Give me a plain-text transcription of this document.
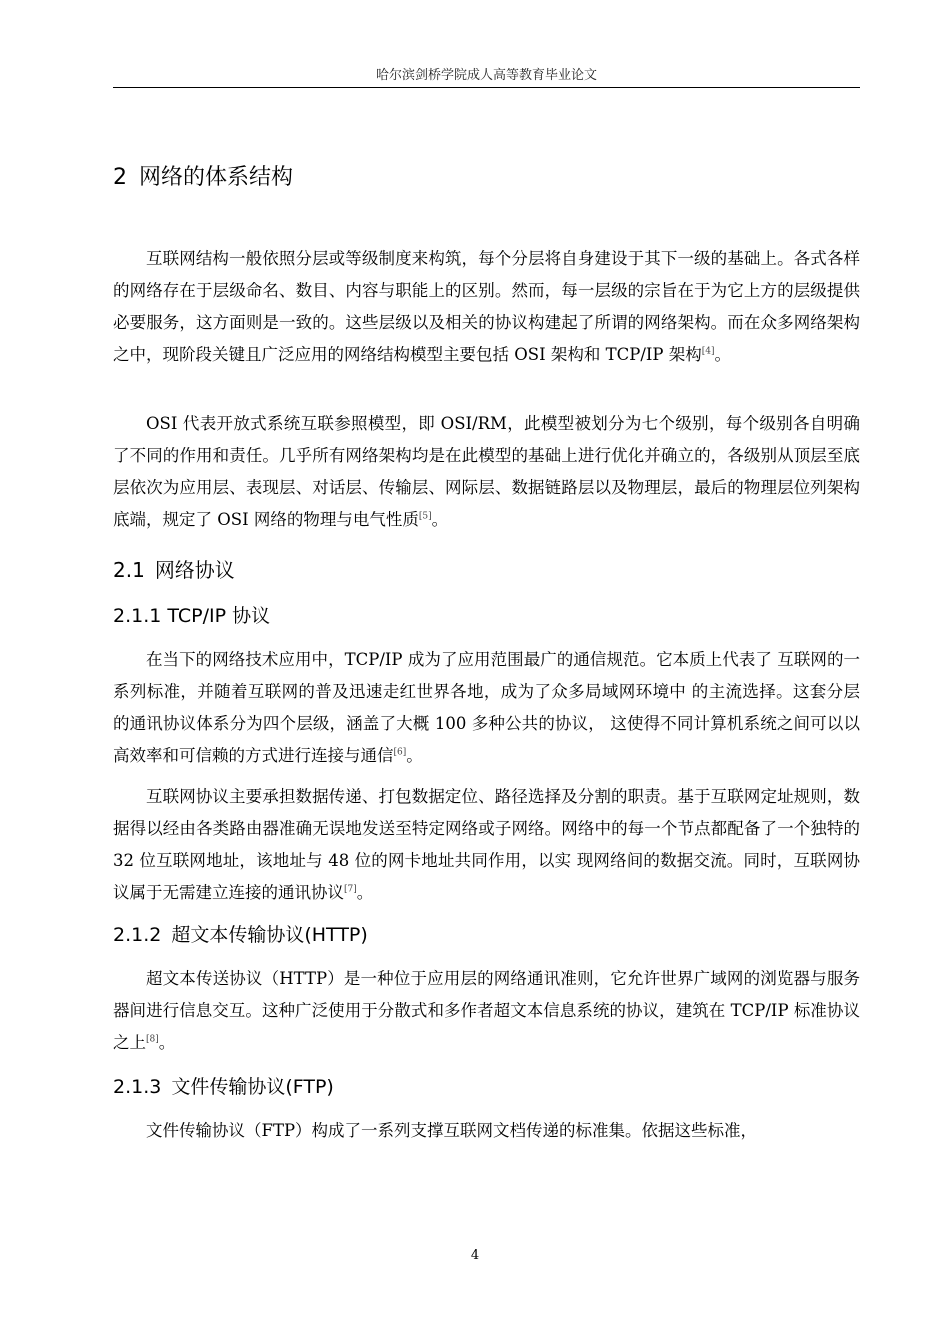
哈尔滨剑桥学院成人高等教育毕业论文
2 网络的体系结构

互联网结构一般依照分层或等级制度来构筑，每个分层将自身建设于其下一级的基础上。各式各样的网络存在于层级命名、数目、内容与职能上的区别。然而，每一层级的宗旨在于为它上方的层级提供必要服务，这方面则是一致的。这些层级以及相关的协议构建起了所谓的网络架构。而在众多网络架构之中，现阶段关键且广泛应用的网络结构模型主要包括 OSI 架构和 TCP/IP 架构[4]。

OSI 代表开放式系统互联参照模型，即 OSI/RM，此模型被划分为七个级别，每个级别各自明确了不同的作用和责任。几乎所有网络架构均是在此模型的基础上进行优化并确立的，各级别从顶层至底层依次为应用层、表现层、对话层、传输层、网际层、数据链路层以及物理层，最后的物理层位列架构底端，规定了 OSI 网络的物理与电气性质[5]。

2.1 网络协议
2.1.1 TCP/IP 协议

在当下的网络技术应用中，TCP/IP 成为了应用范围最广的通信规范。它本质上代表了 互联网的一系列标准，并随着互联网的普及迅速走红世界各地，成为了众多局域网环境中 的主流选择。这套分层的通讯协议体系分为四个层级，涵盖了大概 100 多种公共的协议， 这使得不同计算机系统之间可以以高效率和可信赖的方式进行连接与通信[6]。

互联网协议主要承担数据传递、打包数据定位、路径选择及分割的职责。基于互联网定址规则，数据得以经由各类路由器准确无误地发送至特定网络或子网络。网络中的每一个节点都配备了一个独特的 32 位互联网地址，该地址与 48 位的网卡地址共同作用，以实 现网络间的数据交流。同时，互联网协议属于无需建立连接的通讯协议[7]。

2.1.2 超文本传输协议(HTTP)

超文本传送协议（HTTP）是一种位于应用层的网络通讯准则，它允许世界广域网的浏览器与服务器间进行信息交互。这种广泛使用于分散式和多作者超文本信息系统的协议，建筑在 TCP/IP 标准协议之上[8]。

2.1.3 文件传输协议(FTP)

文件传输协议（FTP）构成了一系列支撑互联网文档传递的标准集。依据这些标准，

4
